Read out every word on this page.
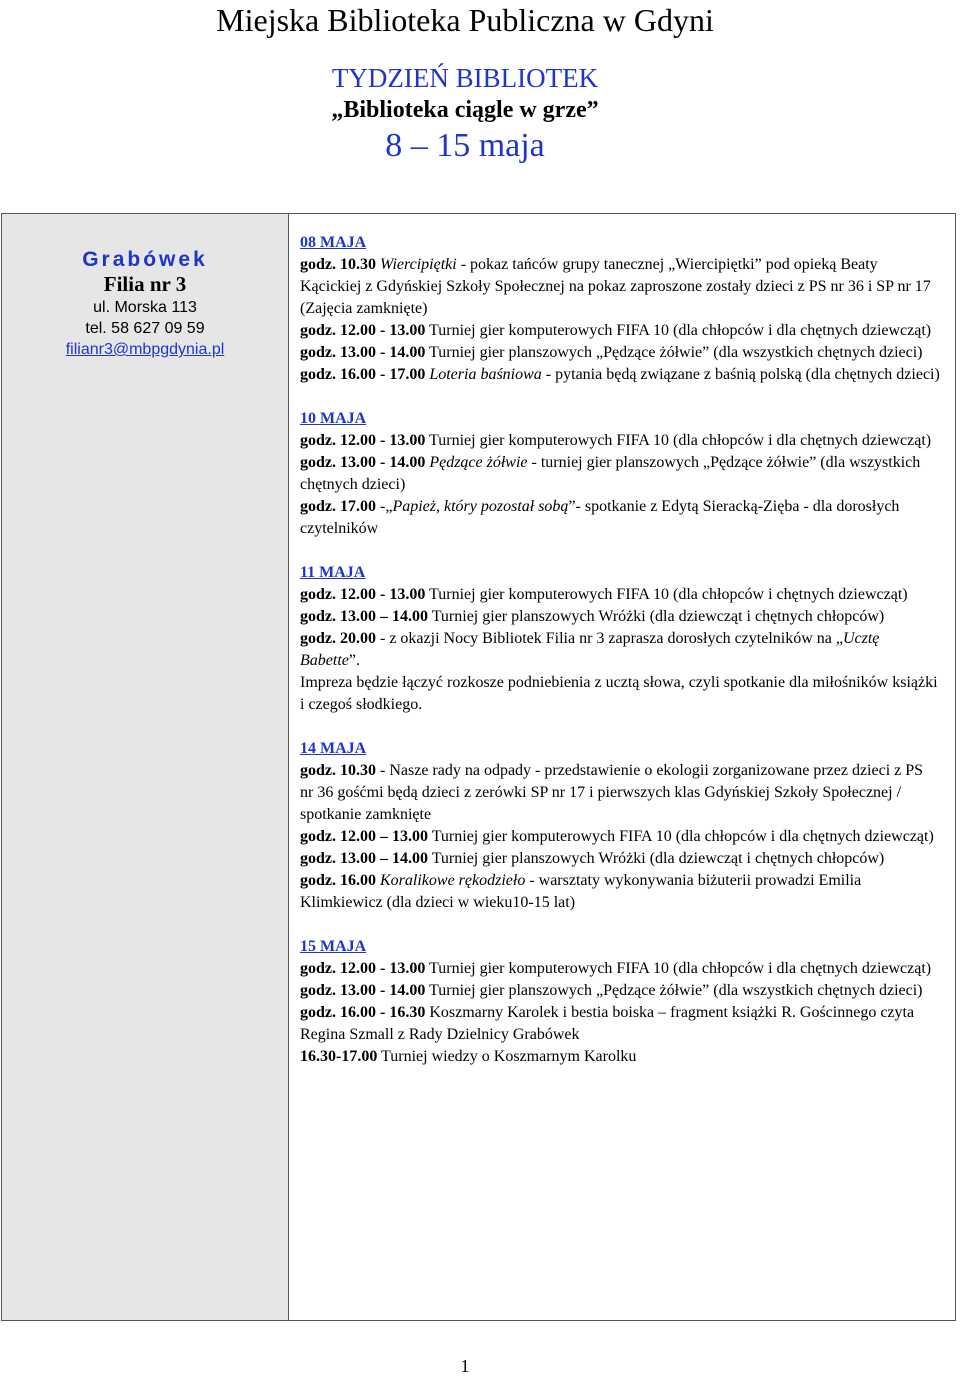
Miejska Biblioteka Publiczna w Gdyni
TYDZIEŃ BIBLIOTEK
„Biblioteka ciągle w grze”
8 – 15 maja
Grabówek
Filia nr 3
ul. Morska 113
tel. 58 627 09 59
filianr3@mbpgdynia.pl
08 MAJA
godz. 10.30 Wiercipiętki - pokaz tańców grupy tanecznej „Wiercipiętki” pod opieką Beaty Kącickiej z Gdyńskiej Szkoły Społecznej na pokaz zaproszone zostały dzieci z PS nr 36 i SP nr 17 (Zajęcia zamknięte)
godz. 12.00 - 13.00 Turniej gier komputerowych FIFA 10 (dla chłopców i dla chętnych dziewcząt)
godz. 13.00 - 14.00 Turniej gier planszowych „Pędzące żółwie” (dla wszystkich chętnych dzieci)
godz. 16.00 - 17.00 Loteria baśniowa - pytania będą związane z baśnią polską (dla chętnych dzieci)
10 MAJA
godz. 12.00 - 13.00 Turniej gier komputerowych FIFA 10 (dla chłopców i dla chętnych dziewcząt)
godz. 13.00 - 14.00 Pędzące żółwie - turniej gier planszowych „Pędzące żółwie” (dla wszystkich chętnych dzieci)
godz. 17.00 -„Papież, który pozostał sobą”- spotkanie z Edytą Sieracką-Zięba - dla dorosłych czytelników
11 MAJA
godz. 12.00 - 13.00 Turniej gier komputerowych FIFA 10 (dla chłopców i chętnych dziewcząt)
godz. 13.00 – 14.00 Turniej gier planszowych Wróżki (dla dziewcząt i chętnych chłopców)
godz. 20.00 - z okazji Nocy Bibliotek Filia nr 3 zaprasza dorosłych czytelników na „Ucztę Babette”.
Impreza będzie łączyć rozkosze podniebienia z ucztą słowa, czyli spotkanie dla miłośników książki i czegoś słodkiego.
14 MAJA
godz. 10.30 - Nasze rady na odpady - przedstawienie o ekologii zorganizowane przez dzieci z PS nr 36 gośćmi będą dzieci z zerówki SP nr 17 i pierwszych klas Gdyńskiej Szkoły Społecznej / spotkanie zamknięte
godz. 12.00 – 13.00 Turniej gier komputerowych FIFA 10 (dla chłopców i dla chętnych dziewcząt)
godz. 13.00 – 14.00 Turniej gier planszowych Wróżki (dla dziewcząt i chętnych chłopców)
godz. 16.00 Koralikowe rękodzieło - warsztaty wykonywania biżuterii prowadzi Emilia Klimkiewicz (dla dzieci w wieku10-15 lat)
15 MAJA
godz. 12.00 - 13.00 Turniej gier komputerowych FIFA 10 (dla chłopców i dla chętnych dziewcząt)
godz. 13.00 - 14.00 Turniej gier planszowych „Pędzące żółwie” (dla wszystkich chętnych dzieci)
godz. 16.00 - 16.30 Koszmarny Karolek i bestia boiska – fragment książki R. Gościnnego czyta Regina Szmall z Rady Dzielnicy Grabówek
16.30-17.00 Turniej wiedzy o Koszmarnym Karolku
1
